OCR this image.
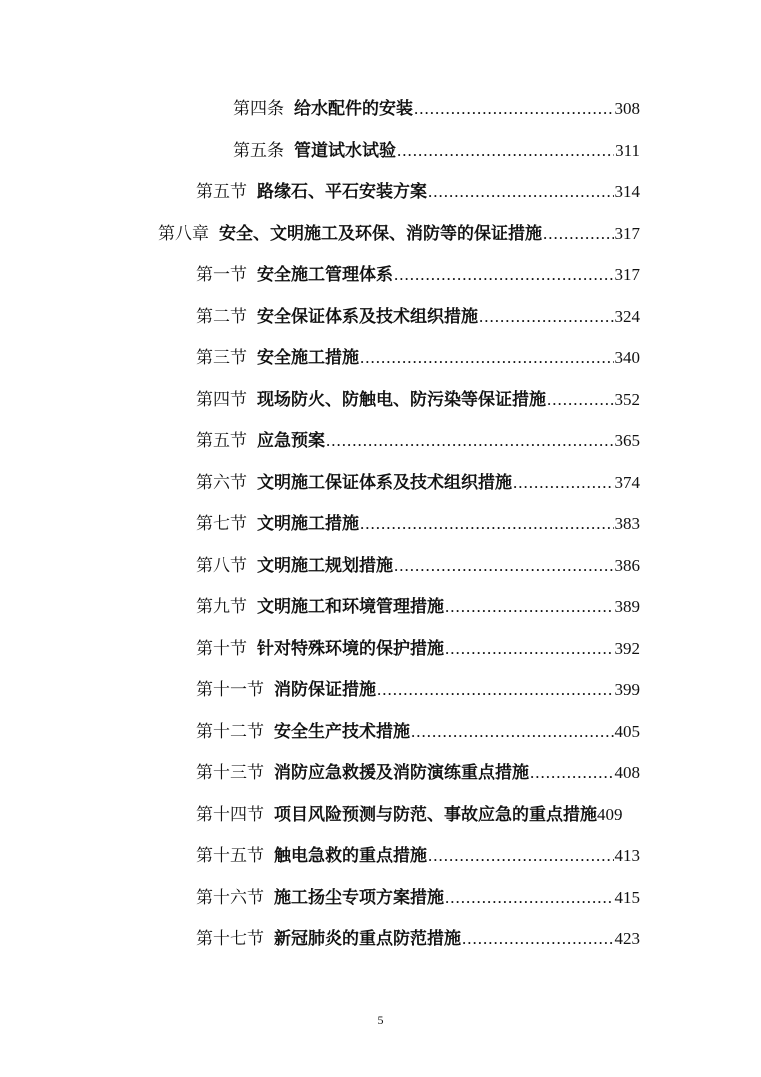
第四条 给水配件的安装 .....	308
第五条 管道试水试验 .....	311
第五节 路缘石、平石安装方案 .....	314
第八章 安全、文明施工及环保、消防等的保证措施 .....	317
第一节 安全施工管理体系 .....	317
第二节 安全保证体系及技术组织措施 .....	324
第三节 安全施工措施 .....	340
第四节 现场防火、防触电、防污染等保证措施 .....	352
第五节 应急预案 .....	365
第六节 文明施工保证体系及技术组织措施 .....	374
第七节 文明施工措施 .....	383
第八节 文明施工规划措施 .....	386
第九节 文明施工和环境管理措施 .....	389
第十节 针对特殊环境的保护措施 .....	392
第十一节 消防保证措施 .....	399
第十二节 安全生产技术措施 .....	405
第十三节 消防应急救援及消防演练重点措施 .....	408
第十四节 项目风险预测与防范、事故应急的重点措施 409
第十五节 触电急救的重点措施 .....	413
第十六节 施工扬尘专项方案措施 .....	415
第十七节 新冠肺炎的重点防范措施 .....	423
5
